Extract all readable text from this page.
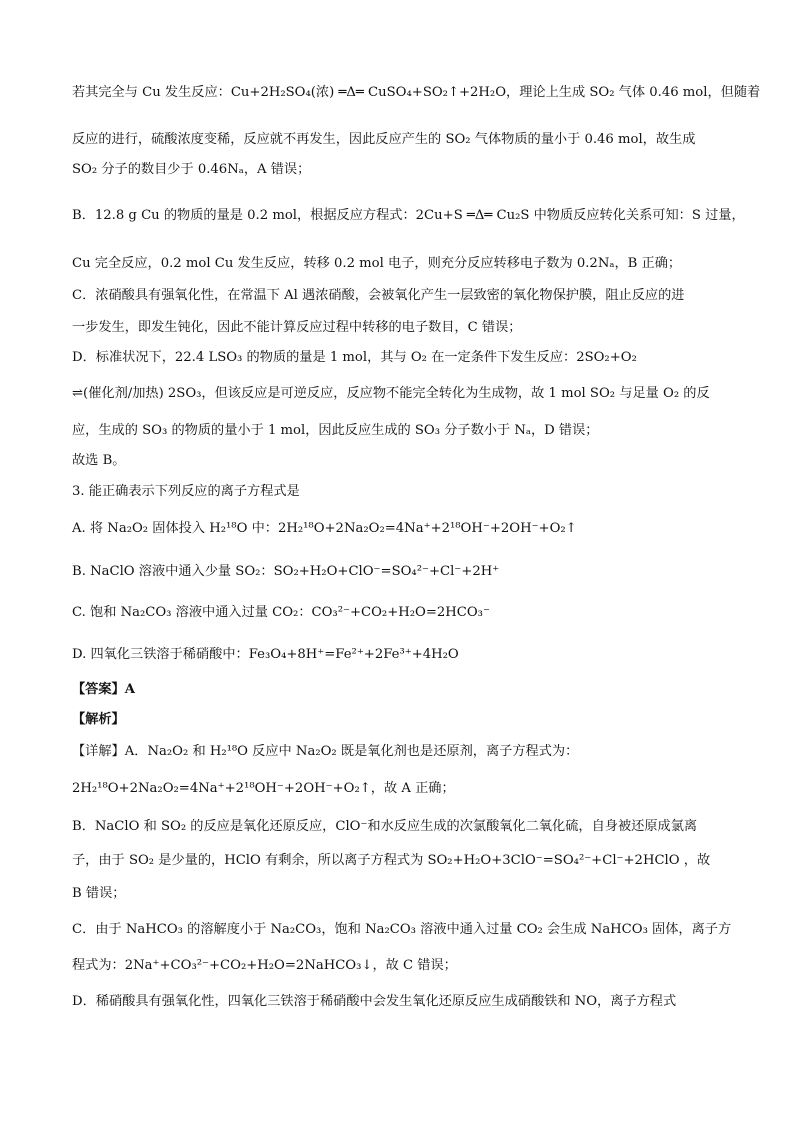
若其完全与 Cu 发生反应：Cu+2H₂SO₄(浓) ═Δ═ CuSO₄+SO₂↑+2H₂O，理论上生成 SO₂ 气体 0.46 mol，但随着
反应的进行，硫酸浓度变稀，反应就不再发生，因此反应产生的 SO₂ 气体物质的量小于 0.46 mol，故生成
SO₂ 分子的数目少于 0.46Nₐ，A 错误；
B．12.8 g Cu 的物质的量是 0.2 mol，根据反应方程式：2Cu+S ═Δ═ Cu₂S 中物质反应转化关系可知：S 过量，
Cu 完全反应，0.2 mol Cu 发生反应，转移 0.2 mol 电子，则充分反应转移电子数为 0.2Nₐ，B 正确；
C．浓硝酸具有强氧化性，在常温下 Al 遇浓硝酸，会被氧化产生一层致密的氧化物保护膜，阻止反应的进
一步发生，即发生钝化，因此不能计算反应过程中转移的电子数目，C 错误；
D．标准状况下，22.4 LSO₃ 的物质的量是 1 mol，其与 O₂ 在一定条件下发生反应：2SO₂+O₂
⇌(催化剂/加热) 2SO₃，但该反应是可逆反应，反应物不能完全转化为生成物，故 1 mol SO₂ 与足量 O₂ 的反
应，生成的 SO₃ 的物质的量小于 1 mol，因此反应生成的 SO₃ 分子数小于 Nₐ，D 错误；
故选 B。
3. 能正确表示下列反应的离子方程式是
A. 将 Na₂O₂ 固体投入 H₂¹⁸O 中：2H₂¹⁸O+2Na₂O₂=4Na⁺+2¹⁸OH⁻+2OH⁻+O₂↑
B. NaClO 溶液中通入少量 SO₂：SO₂+H₂O+ClO⁻=SO₄²⁻+Cl⁻+2H⁺
C. 饱和 Na₂CO₃ 溶液中通入过量 CO₂：CO₃²⁻+CO₂+H₂O=2HCO₃⁻
D. 四氧化三铁溶于稀硝酸中：Fe₃O₄+8H⁺=Fe²⁺+2Fe³⁺+4H₂O
【答案】A
【解析】
【详解】A．Na₂O₂ 和 H₂¹⁸O 反应中 Na₂O₂ 既是氧化剂也是还原剂，离子方程式为：
2H₂¹⁸O+2Na₂O₂=4Na⁺+2¹⁸OH⁻+2OH⁻+O₂↑，故 A 正确；
B．NaClO 和 SO₂ 的反应是氧化还原反应，ClO⁻和水反应生成的次氯酸氧化二氧化硫，自身被还原成氯离
子，由于 SO₂ 是少量的，HClO 有剩余，所以离子方程式为 SO₂+H₂O+3ClO⁻=SO₄²⁻+Cl⁻+2HClO ，故
B 错误；
C．由于 NaHCO₃ 的溶解度小于 Na₂CO₃，饱和 Na₂CO₃ 溶液中通入过量 CO₂ 会生成 NaHCO₃ 固体，离子方
程式为：2Na⁺+CO₃²⁻+CO₂+H₂O=2NaHCO₃↓，故 C 错误；
D．稀硝酸具有强氧化性，四氧化三铁溶于稀硝酸中会发生氧化还原反应生成硝酸铁和 NO，离子方程式
